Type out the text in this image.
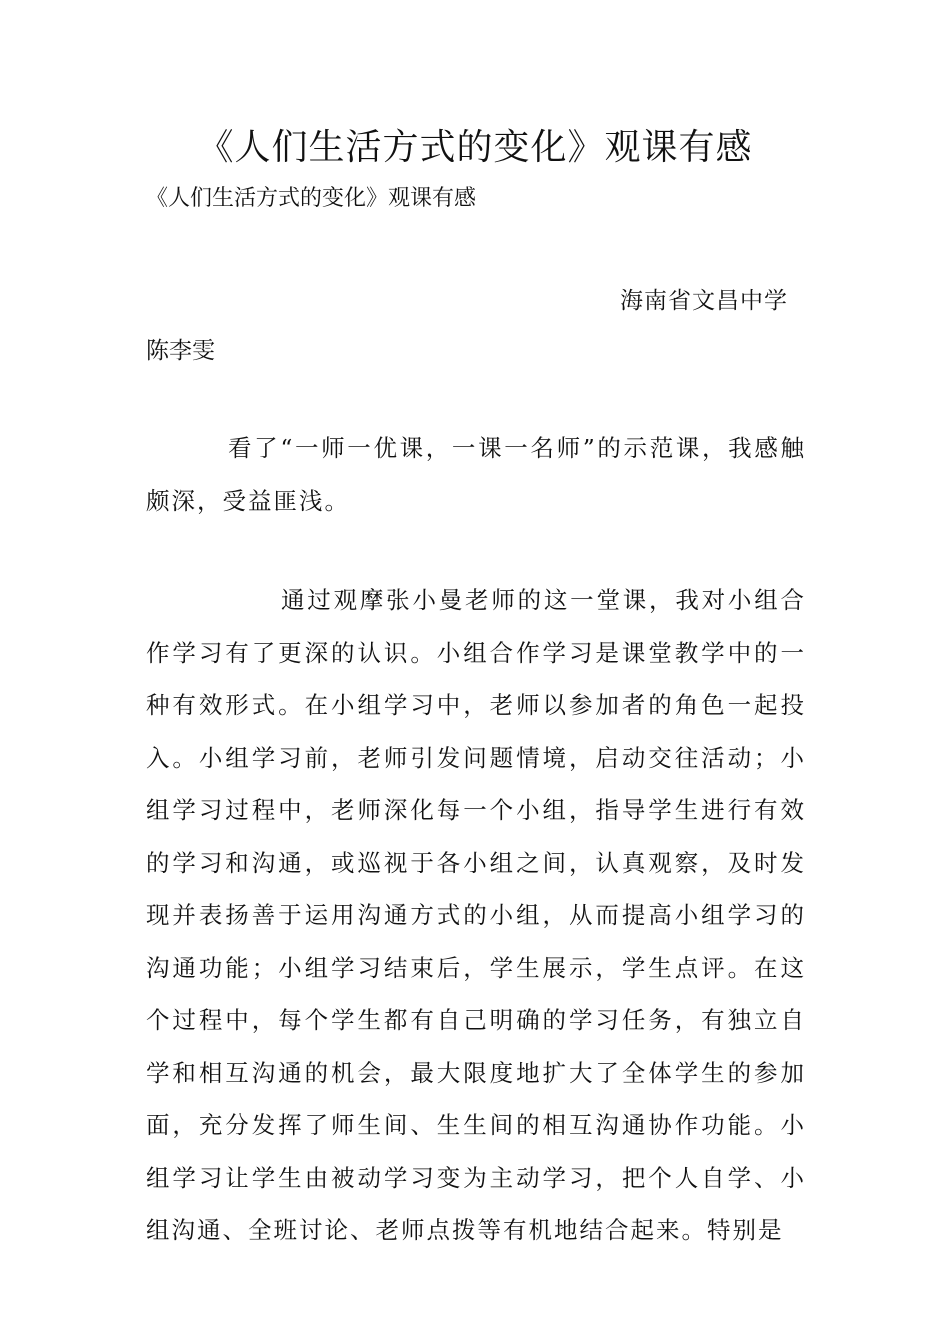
《人们生活方式的变化》观课有感
《人们生活方式的变化》观课有感
海南省文昌中学
陈李雯

看了“一师一优课，一课一名师”的示范课，我感触颇深，受益匪浅。

通过观摩张小曼老师的这一堂课，我对小组合作学习有了更深的认识。小组合作学习是课堂教学中的一种有效形式。在小组学习中，老师以参加者的角色一起投入。小组学习前，老师引发问题情境，启动交往活动；小组学习过程中，老师深化每一个小组，指导学生进行有效的学习和沟通，或巡视于各小组之间，认真观察，及时发现并表扬善于运用沟通方式的小组，从而提高小组学习的沟通功能；小组学习结束后，学生展示，学生点评。在这个过程中，每个学生都有自己明确的学习任务，有独立自学和相互沟通的机会，最大限度地扩大了全体学生的参加面，充分发挥了师生间、生生间的相互沟通协作功能。小组学习让学生由被动学习变为主动学习，把个人自学、小组沟通、全班讨论、老师点拨等有机地结合起来。特别是
